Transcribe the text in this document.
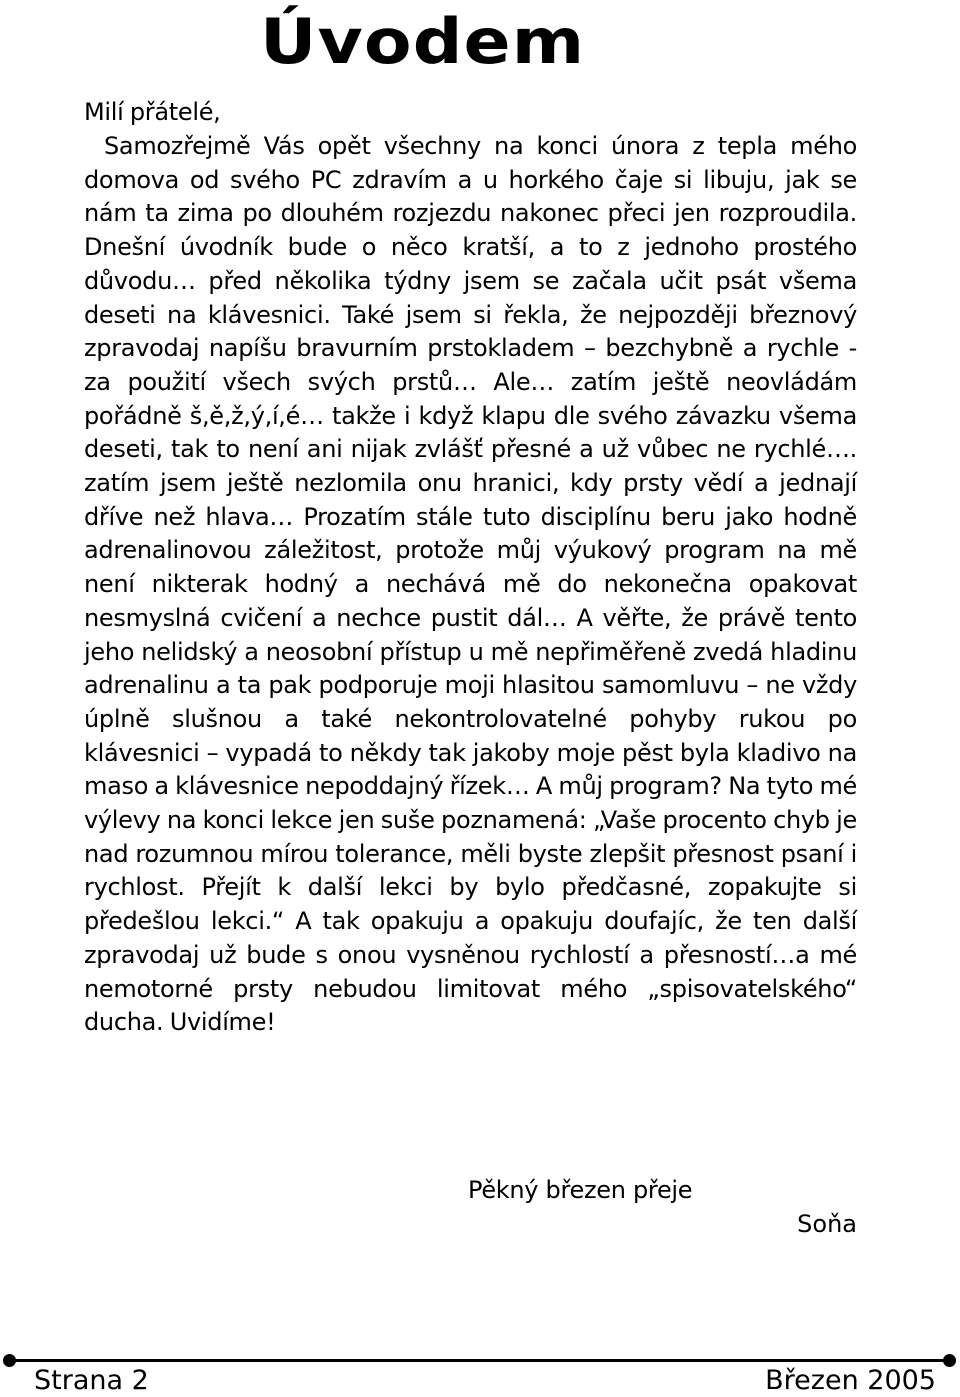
Úvodem
Milí přátelé,
Samozřejmě Vás opět všechny na konci února z tepla mého domova od svého PC zdravím a u horkého čaje si libuju, jak se nám ta zima po dlouhém rozjezdu nakonec přeci jen rozproudila. Dnešní úvodník bude o něco kratší, a to z jednoho prostého důvodu… před několika týdny jsem se začala učit psát všema deseti na klávesnici. Také jsem si řekla, že nejpozději březnový zpravodaj napíšu bravurním prstokladem – bezchybně a rychle - za použití všech svých prstů… Ale… zatím ještě neovládám pořádně š,ě,ž,ý,í,é… takže i když klapu dle svého závazku všema deseti, tak to není ani nijak zvlášť přesné a už vůbec ne rychlé…. zatím jsem ještě nezlomila onu hranici, kdy prsty vědí a jednají dříve než hlava… Prozatím stále tuto disciplínu beru jako hodně adrenalinovou záležitost, protože můj výukový program na mě není nikterak hodný a nechává mě do nekonečna opakovat nesmyslná cvičení a nechce pustit dál… A věřte, že právě tento jeho nelidský a neosobní přístup u mě nepřiměřeně zvedá hladinu adrenalinu a ta pak podporuje moji hlasitou samomluvu – ne vždy úplně slušnou a také nekontrolovatelné pohyby rukou po klávesnici – vypadá to někdy tak jakoby moje pěst byla kladivo na maso a klávesnice nepoddajný řízek… A můj program? Na tyto mé výlevy na konci lekce jen suše poznamená: „Vaše procento chyb je nad rozumnou mírou tolerance, měli byste zlepšit přesnost psaní i rychlost. Přejít k další lekci by bylo předčasné, zopakujte si předešlou lekci.“ A tak opakuju a opakuju doufajíc, že ten další zpravodaj už bude s onou vysněnou rychlostí a přesností…a mé nemotorné prsty nebudou limitovat mého „spisovatelského“ ducha. Uvidíme!
Pěkný březen přeje
Soňa
Strana 2	Březen 2005
